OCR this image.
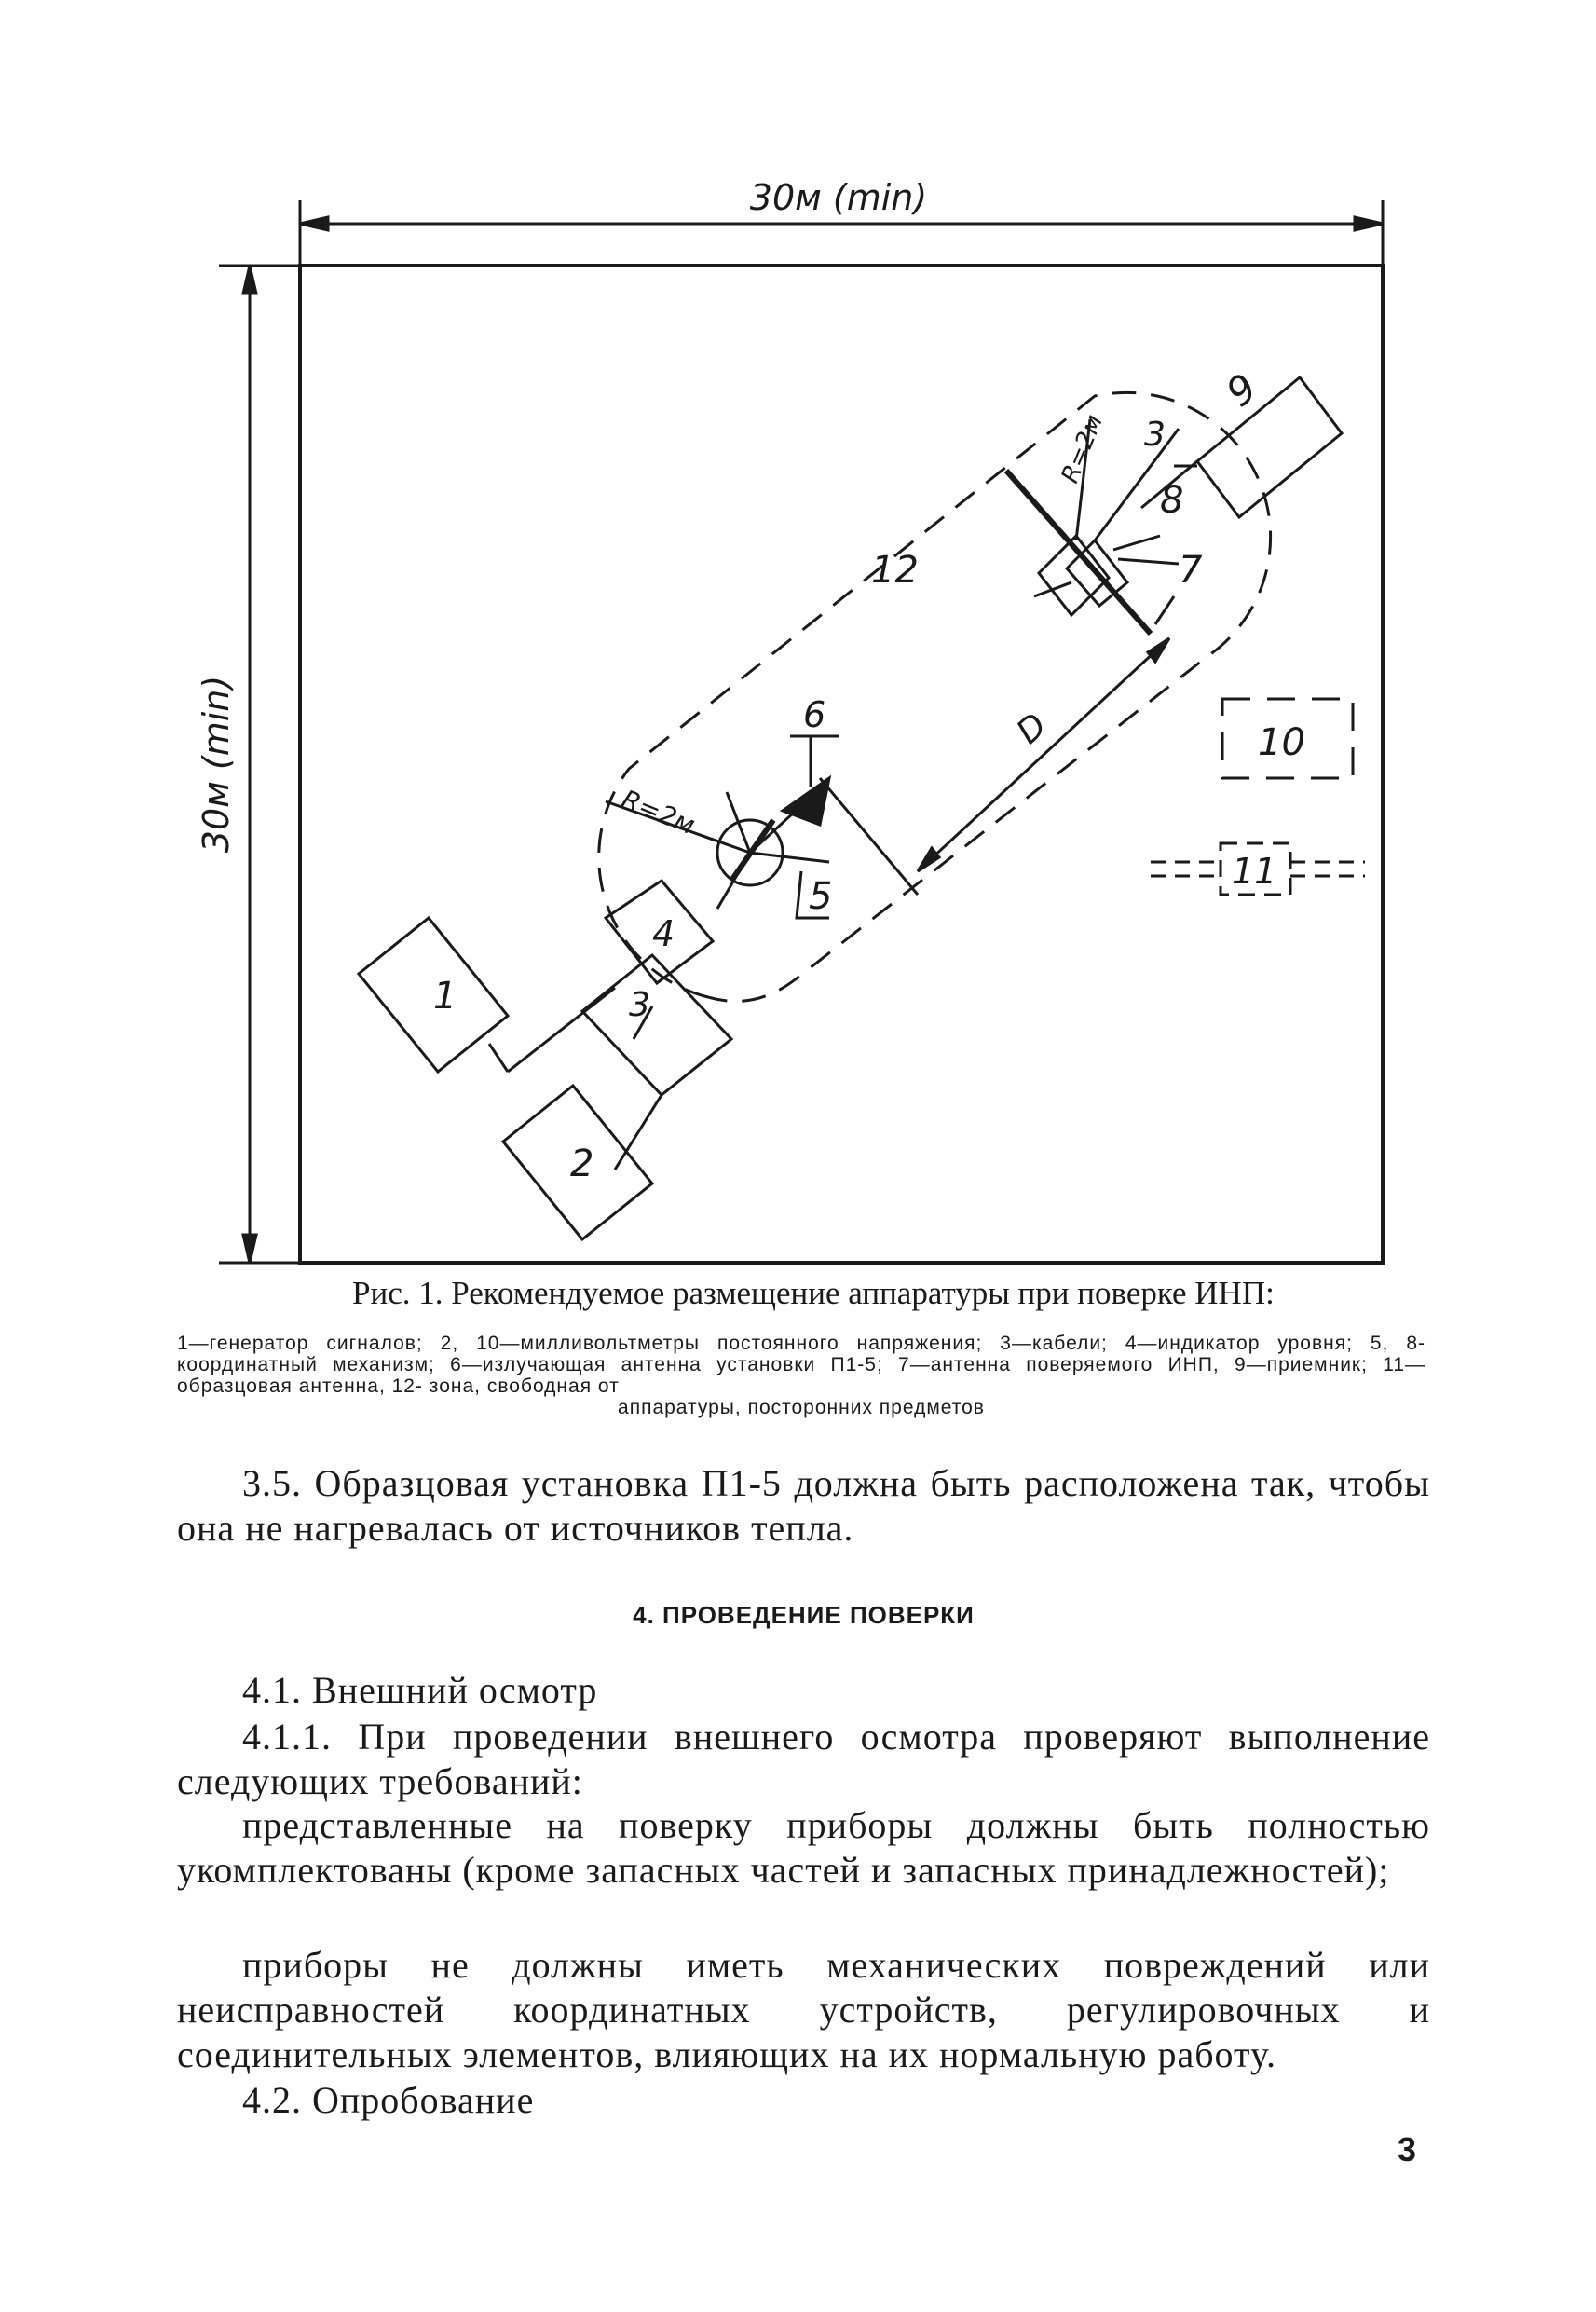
30м (min)
30м (min)
1
2
3
4
5
6
7
8
9
10
11
12
3
R=2м
R=2м
D
Рис. 1. Рекомендуемое размещение аппаратуры при поверке ИНП:
1—генератор сигналов; 2, 10—милливольтметры постоянного напряжения; 3—кабели; 4—индикатор уровня; 5, 8- координатный механизм; 6—излучающая антенна установки П1-5; 7—антенна поверяемого ИНП, 9—приемник; 11—образцовая антенна, 12- зона, свободная от
аппаратуры, посторонних предметов
3.5. Образцовая установка П1-5 должна быть расположена так, чтобы она не нагревалась от источников тепла.
4. ПРОВЕДЕНИЕ ПОВЕРКИ
4.1. Внешний осмотр
4.1.1. При проведении внешнего осмотра проверяют выполнение следующих требований:
представленные на поверку приборы должны быть полностью укомплектованы (кроме запасных частей и запасных принадлежностей);
приборы не должны иметь механических повреждений или неисправностей координатных устройств, регулировочных и соединительных элементов, влияющих на их нормальную работу.
4.2. Опробование
3
